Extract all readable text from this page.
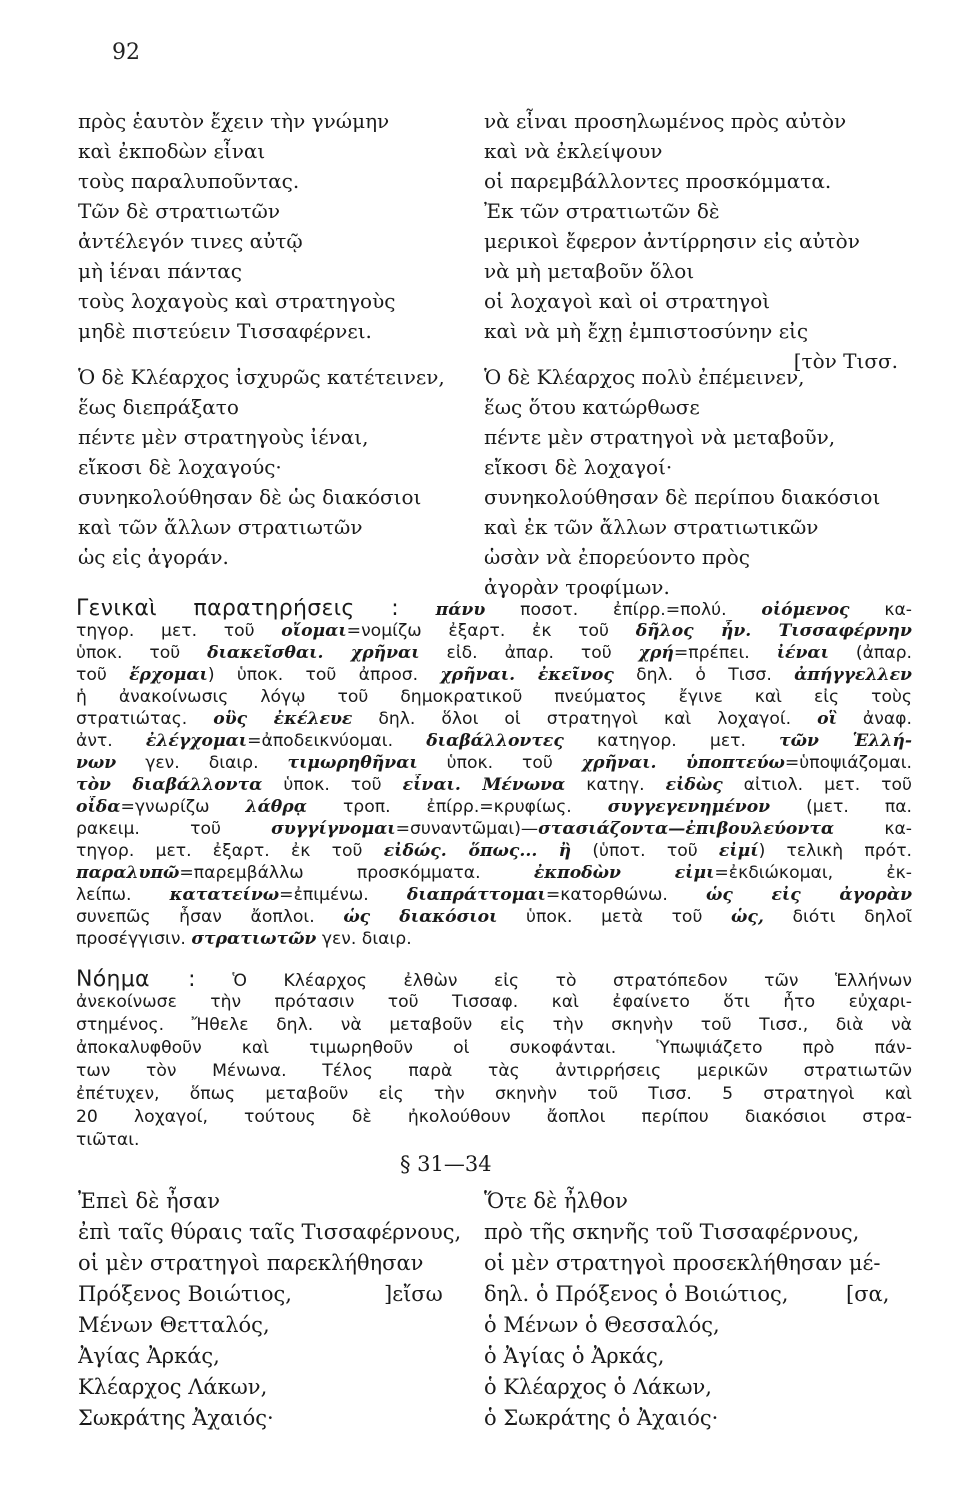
92
πρὸς ἑαυτὸν ἔχειν τὴν γνώμην
καὶ ἐκποδὼν εἶναι
τοὺς παραλυποῦντας.
Τῶν δὲ στρατιωτῶν
ἀντέλεγόν τινες αὐτῷ
μὴ ἰέναι πάντας
τοὺς λοχαγοὺς καὶ στρατηγοὺς
μηδὲ πιστεύειν Τισσαφέρνει.
νὰ εἶναι προσηλωμένος πρὸς αὐτὸν
καὶ νὰ ἐκλείψουν
οἱ παρεμβάλλοντες προσκόμματα.
Ἐκ τῶν στρατιωτῶν δὲ
μερικοὶ ἔφερον ἀντίρρησιν εἰς αὐτὸν
νὰ μὴ μεταβοῦν ὅλοι
οἱ λοχαγοὶ καὶ οἱ στρατηγοὶ
καὶ νὰ μὴ ἔχῃ ἐμπιστοσύνην εἰς
[τὸν Τισσ.
Ὁ δὲ Κλέαρχος ἰσχυρῶς κατέτεινεν,
ἕως διεπράξατο
πέντε μὲν στρατηγοὺς ἰέναι,
εἴκοσι δὲ λοχαγούς·
συνηκολούθησαν δὲ ὡς διακόσιοι
καὶ τῶν ἄλλων στρατιωτῶν
ὡς εἰς ἀγοράν.
Ὁ δὲ Κλέαρχος πολὺ ἐπέμεινεν,
ἕως ὅτου κατώρθωσε
πέντε μὲν στρατηγοὶ νὰ μεταβοῦν,
εἴκοσι δὲ λοχαγοί·
συνηκολούθησαν δὲ περίπου διακόσιοι
καὶ ἐκ τῶν ἄλλων στρατιωτικῶν
ὡσὰν νὰ ἐπορεύοντο πρὸς
ἀγορὰν τροφίμων.
Γενικαὶ παρατηρήσεις : πάνυ ποσοτ. ἐπίρρ.=πολύ. οἰόμενος κα-
τηγορ. μετ. τοῦ οἴομαι=νομίζω ἐξαρτ. ἐκ τοῦ δῆλος ἦν. Τισσαφέρνην
ὑποκ. τοῦ διακεῖσθαι. χρῆναι εἰδ. ἀπαρ. τοῦ χρή=πρέπει. ἰέναι (ἀπαρ.
τοῦ ἔρχομαι) ὑποκ. τοῦ ἀπροσ. χρῆναι. ἐκεῖνος δηλ. ὁ Τισσ. ἀπήγγελλεν
ἡ ἀνακοίνωσις λόγῳ τοῦ δημοκρατικοῦ πνεύματος ἔγινε καὶ εἰς τοὺς
στρατιώτας. οὓς ἐκέλευε δηλ. ὅλοι οἱ στρατηγοὶ καὶ λοχαγοί. οἳ ἀναφ.
ἀντ. ἐλέγχομαι=ἀποδεικνύομαι. διαβάλλοντες κατηγορ. μετ. τῶν Ἑλλή-
νων γεν. διαιρ. τιμωρηθῆναι ὑποκ. τοῦ χρῆναι. ὑποπτεύω=ὑποψιάζομαι.
τὸν διαβάλλοντα ὑποκ. τοῦ εἶναι. Μένωνα κατηγ. εἰδὼς αἰτιολ. μετ. τοῦ
οἶδα=γνωρίζω λάθρᾳ τροπ. ἐπίρρ.=κρυφίως. συγγεγενημένον (μετ. πα.
ρακειμ. τοῦ συγγίγνομαι=συναντῶμαι)—στασιάζοντα—ἐπιβουλεύοντα κα-
τηγορ. μετ. ἐξαρτ. ἐκ τοῦ εἰδώς. ὅπως... ἢ (ὑποτ. τοῦ εἰμί) τελικὴ πρότ.
παραλυπῶ=παρεμβάλλω προσκόμματα. ἐκποδὼν εἰμι=ἐκδιώκομαι, ἐκ-
λείπω. κατατείνω=ἐπιμένω. διαπράττομαι=κατορθώνω. ὡς εἰς ἀγορὰν
συνεπῶς ἦσαν ἄοπλοι. ὡς διακόσιοι ὑποκ. μετὰ τοῦ ὡς, διότι δηλοῖ
προσέγγισιν. στρατιωτῶν γεν. διαιρ.
Νόημα : Ὁ Κλέαρχος ἐλθὼν εἰς τὸ στρατόπεδον τῶν Ἑλλήνων
ἀνεκοίνωσε τὴν πρότασιν τοῦ Τισσαφ. καὶ ἐφαίνετο ὅτι ἦτο εὐχαρι-
στημένος. Ἤθελε δηλ. νὰ μεταβοῦν εἰς τὴν σκηνὴν τοῦ Τισσ., διὰ νὰ
ἀποκαλυφθοῦν καὶ τιμωρηθοῦν οἱ συκοφάνται. Ὑπωψιάζετο πρὸ πάν-
των τὸν Μένωνα. Τέλος παρὰ τὰς ἀντιρρήσεις μερικῶν στρατιωτῶν
ἐπέτυχεν, ὅπως μεταβοῦν εἰς τὴν σκηνὴν τοῦ Τισσ. 5 στρατηγοὶ καὶ
20 λοχαγοί, τούτους δὲ ἠκολούθουν ἄοπλοι περίπου διακόσιοι στρα-
τιῶται.
§ 31—34
Ἐπεὶ δὲ ἦσαν
ἐπὶ ταῖς θύραις ταῖς Τισσαφέρνους,
οἱ μὲν στρατηγοὶ παρεκλήθησαν
Πρόξενος Βοιώτιος,	]εἴσω
Μένων Θετταλός,
Ἀγίας Ἀρκάς,
Κλέαρχος Λάκων,
Σωκράτης Ἀχαιός·
Ὅτε δὲ ἦλθον
πρὸ τῆς σκηνῆς τοῦ Τισσαφέρνους,
οἱ μὲν στρατηγοὶ προσεκλήθησαν μέ-
δηλ. ὁ Πρόξενος ὁ Βοιώτιος,	[σα,
ὁ Μένων ὁ Θεσσαλός,
ὁ Ἀγίας ὁ Ἀρκάς,
ὁ Κλέαρχος ὁ Λάκων,
ὁ Σωκράτης ὁ Ἀχαιός·
